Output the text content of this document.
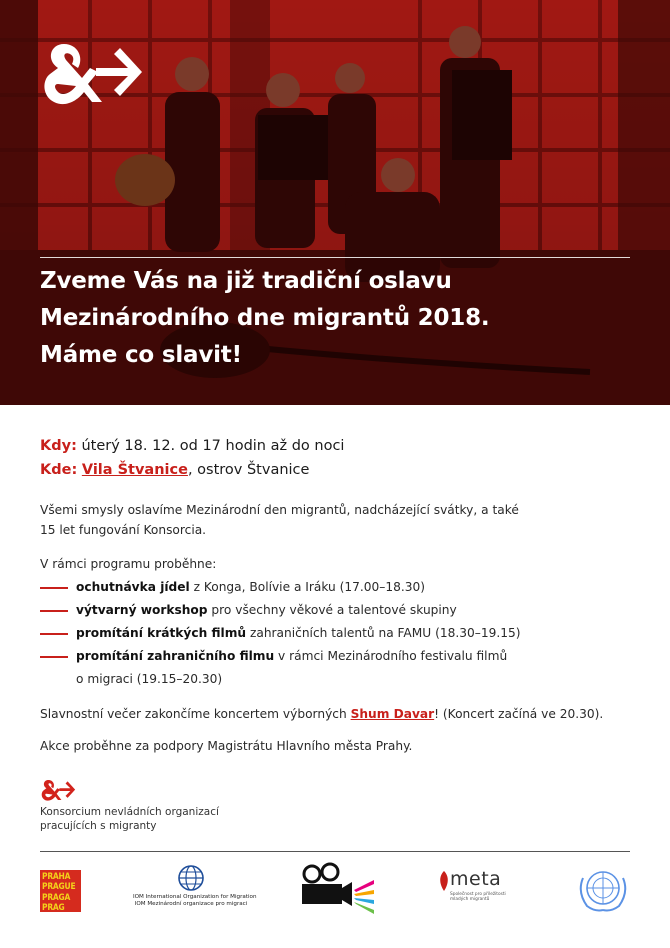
Zveme Vás na již tradiční oslavu
Mezinárodního dne migrantů 2018.
Máme co slavit!
Kdy: úterý 18. 12. od 17 hodin až do noci
Kde: Vila Štvanice, ostrov Štvanice
Všemi smysly oslavíme Mezinárodní den migrantů, nadcházející svátky, a také
15 let fungování Konsorcia.
V rámci programu proběhne:
ochutnávka jídel z Konga, Bolívie a Iráku (17.00–18.30)
výtvarný workshop pro všechny věkové a talentové skupiny
promítání krátkých filmů zahraničních talentů na FAMU (18.30–19.15)
promítání zahraničního filmu v rámci Mezinárodního festivalu filmů
o migraci (19.15–20.30)
Slavnostní večer zakončíme koncertem výborných Shum Davar! (Koncert začíná ve 20.30).
Akce proběhne za podpory Magistrátu Hlavního města Prahy.
Konsorcium nevládních organizací
pracujících s migranty
PRAHA
PRAGUE
PRAGA
PRAG
IOM International Organization for Migration
IOM Mezinárodní organizace pro migraci
meta
Společnost pro příležitosti mladých migrantů
